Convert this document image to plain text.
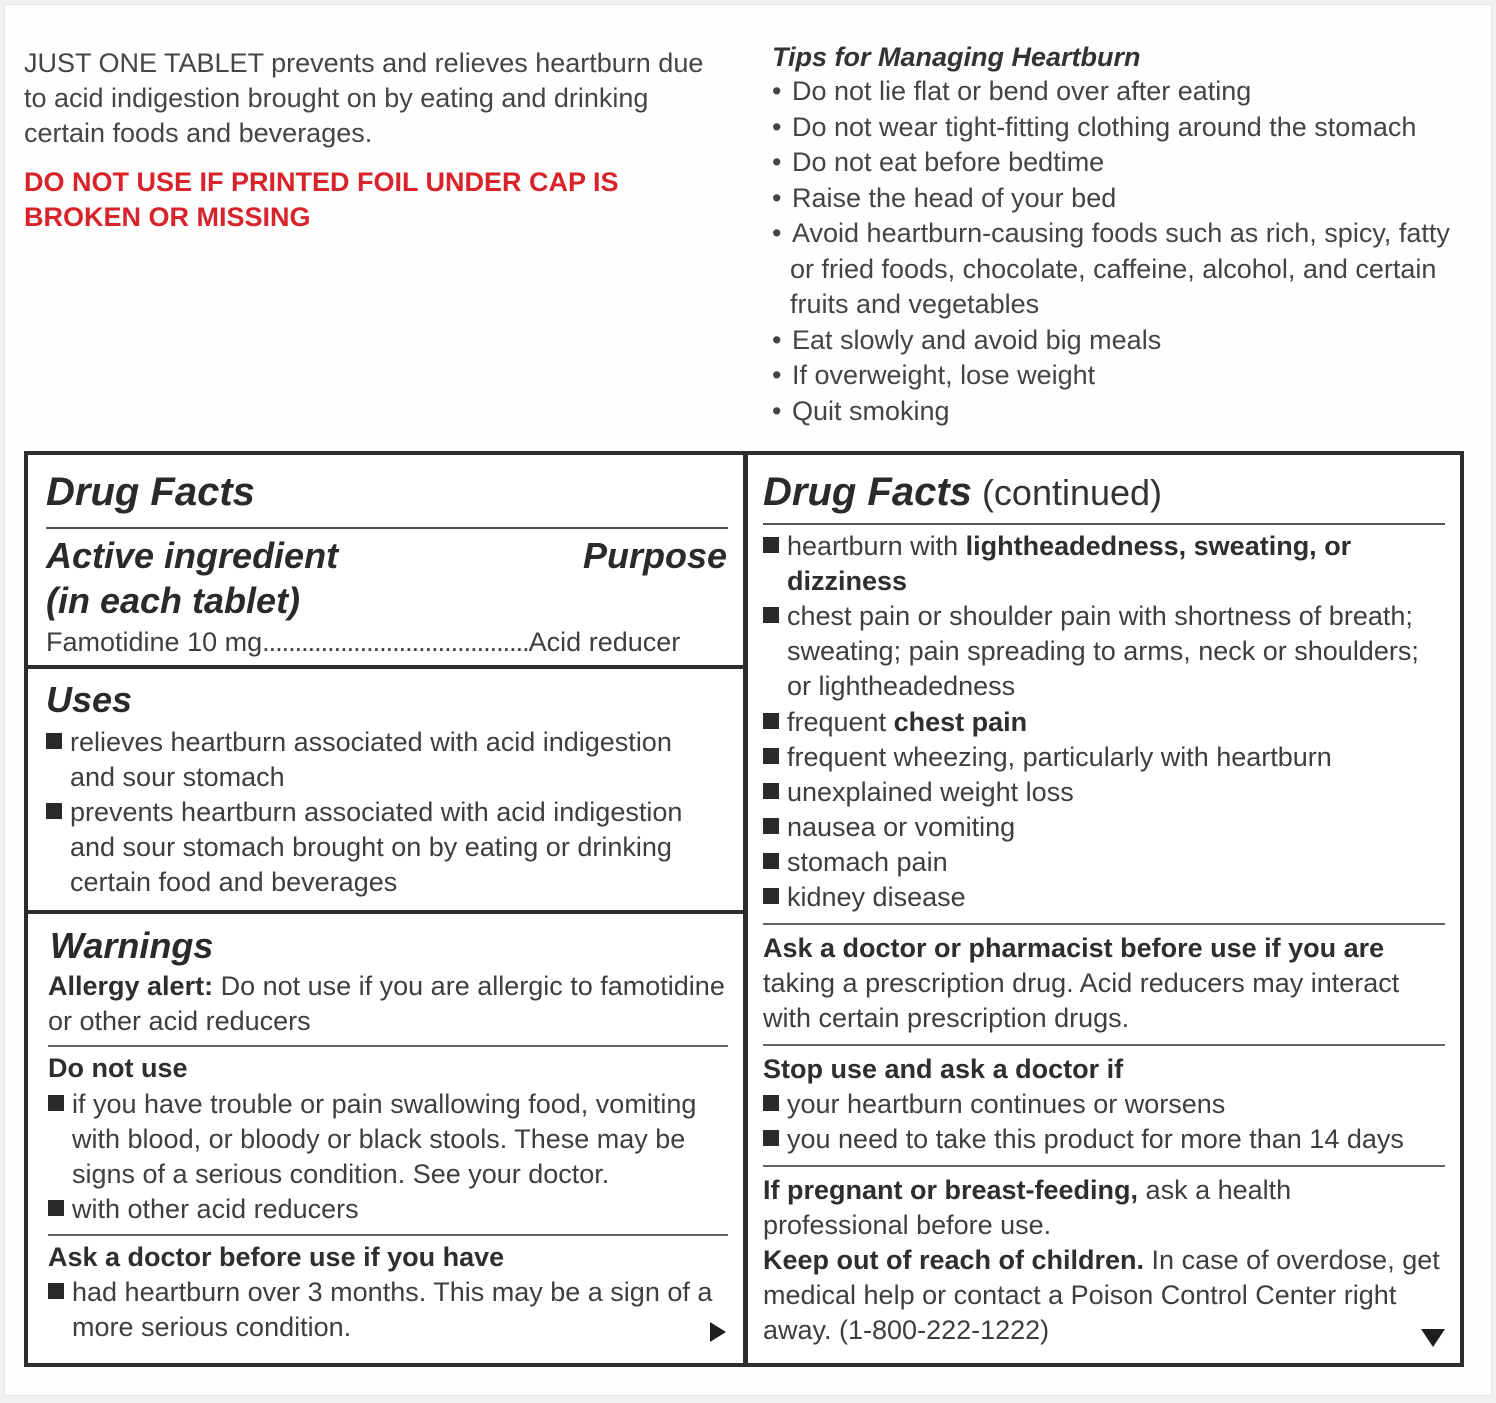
JUST ONE TABLET prevents and relieves heartburn due to acid indigestion brought on by eating and drinking certain foods and beverages.

DO NOT USE IF PRINTED FOIL UNDER CAP IS BROKEN OR MISSING

Tips for Managing Heartburn

• Do not lie flat or bend over after eating
• Do not wear tight-fitting clothing around the stomach
• Do not eat before bedtime
• Raise the head of your bed
• Avoid heartburn-causing foods such as rich, spicy, fatty
or fried foods, chocolate, caffeine, alcohol, and certain
fruits and vegetables
• Eat slowly and avoid big meals
• If overweight, lose weight
• Quit smoking

Drug Facts

Active ingredient

(in each tablet)

Purpose

Famotidine 10 mg.........................................Acid reducer

Uses

relieves heartburn associated with acid indigestion
and sour stomach

prevents heartburn associated with acid indigestion
and sour stomach brought on by eating or drinking
certain food and beverages

Warnings

Allergy alert: Do not use if you are allergic to famotidine

or other acid reducers

Do not use

if you have trouble or pain swallowing food, vomiting
with blood, or bloody or black stools. These may be
signs of a serious condition. See your doctor.

with other acid reducers

Ask a doctor before use if you have

had heartburn over 3 months. This may be a sign of a
more serious condition.

Drug Facts (continued)

heartburn with lightheadedness, sweating, or
dizziness

chest pain or shoulder pain with shortness of breath;
sweating; pain spreading to arms, neck or shoulders;
or lightheadedness

frequent chest pain

frequent wheezing, particularly with heartburn

unexplained weight loss

nausea or vomiting

stomach pain

kidney disease

Ask a doctor or pharmacist before use if you are

taking a prescription drug. Acid reducers may interact

with certain prescription drugs.

Stop use and ask a doctor if

your heartburn continues or worsens

you need to take this product for more than 14 days

If pregnant or breast-feeding, ask a health

professional before use.

Keep out of reach of children. In case of overdose, get

medical help or contact a Poison Control Center right

away. (1-800-222-1222)
